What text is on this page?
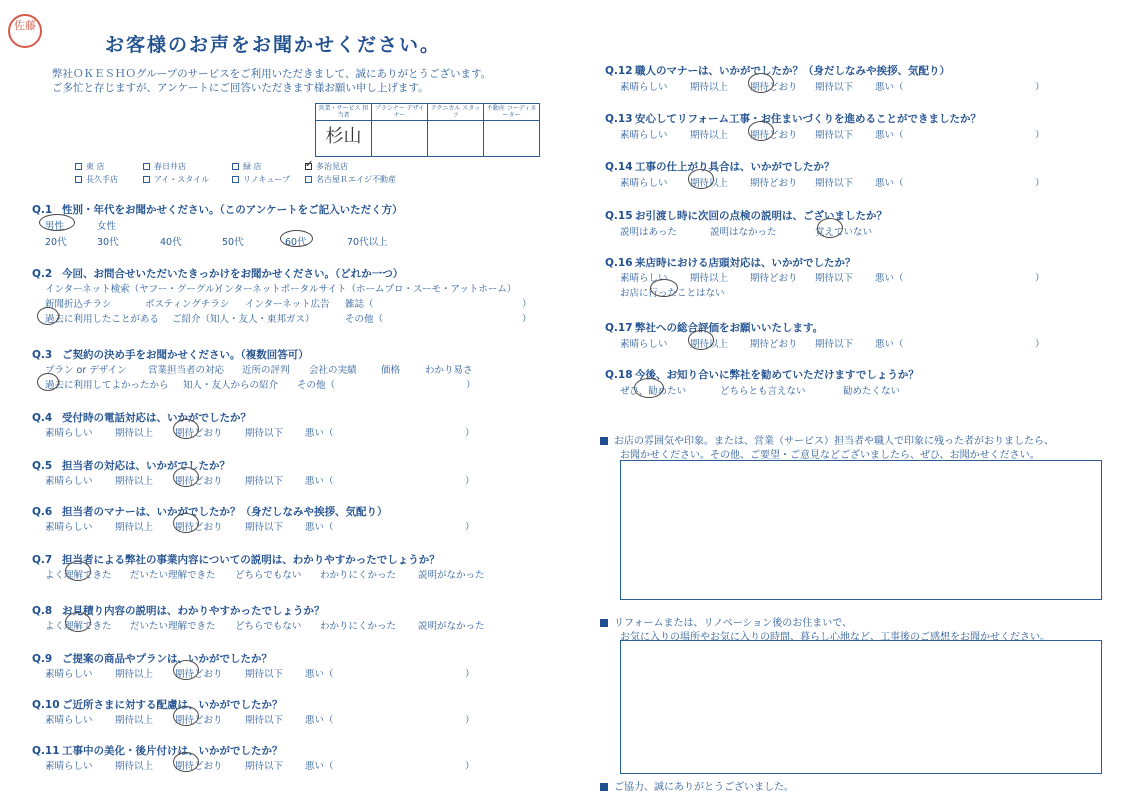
佐藤
お客様のお声をお聞かせください。
弊社ＯＫＥＳＨＯグループのサービスをご利用いただきまして、誠にありがとうございます。
ご多忙と存じますが、アンケートにご回答いただきます様お願い申し上げます。
営業・サービス 担当者	プランナー デザイナー	テクニカル スタッフ	不動産 コーディネーター
杉山			
東 店	春日井店	緑 店	✓ 多治見店
長久手店	アイ・スタイル	リノキューブ	名古屋Ｒエイジ不動産
Q.1 性別・年代をお聞かせください。（このアンケートをご記入いただく方）
男性	女性
20代	30代	40代	50代	60代	70代以上
Q.2 今回、お問合せいただいたきっかけをお聞かせください。（どれか一つ）
インターネット検索（ヤフー・グーグル）
インターネットポータルサイト（ホームプロ・スーモ・アットホーム）
新聞折込チラシ	ポスティングチラシ インターネット広告 雑誌（	）
過去に利用したことがある ご紹介（知人・友人・東邦ガス）	その他（	）
Q.3 ご契約の決め手をお聞かせください。（複数回答可）
プラン or デザイン 営業担当者の対応 近所の評判 会社の実績	価格	わかり易さ
過去に利用してよかったから 知人・友人からの紹介 その他（	）
Q.4 受付時の電話対応は、いかがでしたか？
素晴らしい 期待以上 期待どおり 期待以下 悪い（	）
Q.5 担当者の対応は、いかがでしたか？
素晴らしい 期待以上 期待どおり 期待以下 悪い（	）
Q.6 担当者のマナーは、いかがでしたか？（身だしなみや挨拶、気配り）
素晴らしい 期待以上 期待どおり 期待以下 悪い（	）
Q.7 担当者による弊社の事業内容についての説明は、わかりやすかったでしょうか？
よく理解できた だいたい理解できた どちらでもない わかりにくかった 説明がなかった
Q.8 お見積り内容の説明は、わかりやすかったでしょうか？
よく理解できた だいたい理解できた どちらでもない わかりにくかった 説明がなかった
Q.9 ご提案の商品やプランは、いかがでしたか？
素晴らしい 期待以上 期待どおり 期待以下 悪い（	）
Q.10 ご近所さまに対する配慮は、いかがでしたか？
素晴らしい 期待以上 期待どおり 期待以下 悪い（	）
Q.11 工事中の美化・後片付けは、いかがでしたか？
素晴らしい 期待以上 期待どおり 期待以下 悪い（	）
Q.12 職人のマナーは、いかがでしたか？（身だしなみや挨拶、気配り）
素晴らしい 期待以上 期待どおり 期待以下 悪い（	）
Q.13 安心してリフォーム工事・お住まいづくりを進めることができましたか？
素晴らしい 期待以上 期待どおり 期待以下 悪い（	）
Q.14 工事の仕上がり具合は、いかがでしたか？
素晴らしい 期待以上 期待どおり 期待以下 悪い（	）
Q.15 お引渡し時に次回の点検の説明は、ございましたか？
説明はあった	説明はなかった	覚えていない
Q.16 来店時における店頭対応は、いかがでしたか？
素晴らしい 期待以上 期待どおり 期待以下 悪い（	）
お店に行ったことはない
Q.17 弊社への総合評価をお願いいたします。
素晴らしい 期待以上 期待どおり 期待以下 悪い（	）
Q.18 今後、お知り合いに弊社を勧めていただけますでしょうか？
ぜひ、勧めたい	どちらとも言えない	勧めたくない
お店の雰囲気や印象。または、営業（サービス）担当者や職人で印象に残った者がおりましたら、
お聞かせください。その他、ご要望・ご意見などございましたら、ぜひ、お聞かせください。
リフォームまたは、リノベーション後のお住まいで、
お気に入りの場所やお気に入りの時間、暮らし心地など、工事後のご感想をお聞かせください。
ご協力、誠にありがとうございました。
